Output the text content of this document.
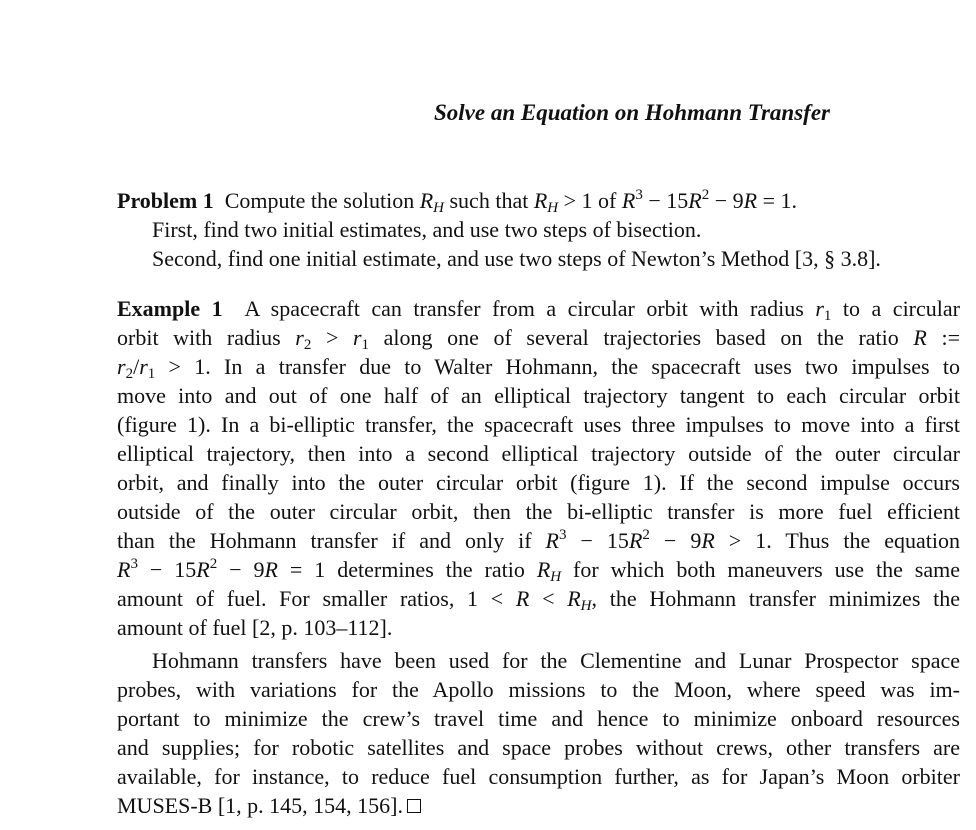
Solve an Equation on Hohmann Transfer
Problem 1 Compute the solution $R_H$ such that $R_H > 1$ of $R^3 - 15R^2 - 9R = 1$.
First, find two initial estimates, and use two steps of bisection.
Second, find one initial estimate, and use two steps of Newton’s Method [3, § 3.8].
Example 1 A spacecraft can transfer from a circular orbit with radius $r_1$ to a circular
orbit with radius $r_2 > r_1$ along one of several trajectories based on the ratio R :=
$r_2/r_1 > 1$. In a transfer due to Walter Hohmann, the spacecraft uses two impulses to
move into and out of one half of an elliptical trajectory tangent to each circular orbit
(figure 1). In a bi-elliptic transfer, the spacecraft uses three impulses to move into a first
elliptical trajectory, then into a second elliptical trajectory outside of the outer circular
orbit, and finally into the outer circular orbit (figure 1). If the second impulse occurs
outside of the outer circular orbit, then the bi-elliptic transfer is more fuel efficient
than the Hohmann transfer if and only if $R^3 - 15R^2 - 9R > 1$. Thus the equation
$R^3 - 15R^2 - 9R = 1$ determines the ratio $R_H$ for which both maneuvers use the same
amount of fuel. For smaller ratios, $1 < R < R_H$, the Hohmann transfer minimizes the
amount of fuel [2, p. 103–112].
Hohmann transfers have been used for the Clementine and Lunar Prospector space
probes, with variations for the Apollo missions to the Moon, where speed was im-
portant to minimize the crew’s travel time and hence to minimize onboard resources
and supplies; for robotic satellites and space probes without crews, other transfers are
available, for instance, to reduce fuel consumption further, as for Japan’s Moon orbiter
MUSES-B [1, p. 145, 154, 156].
